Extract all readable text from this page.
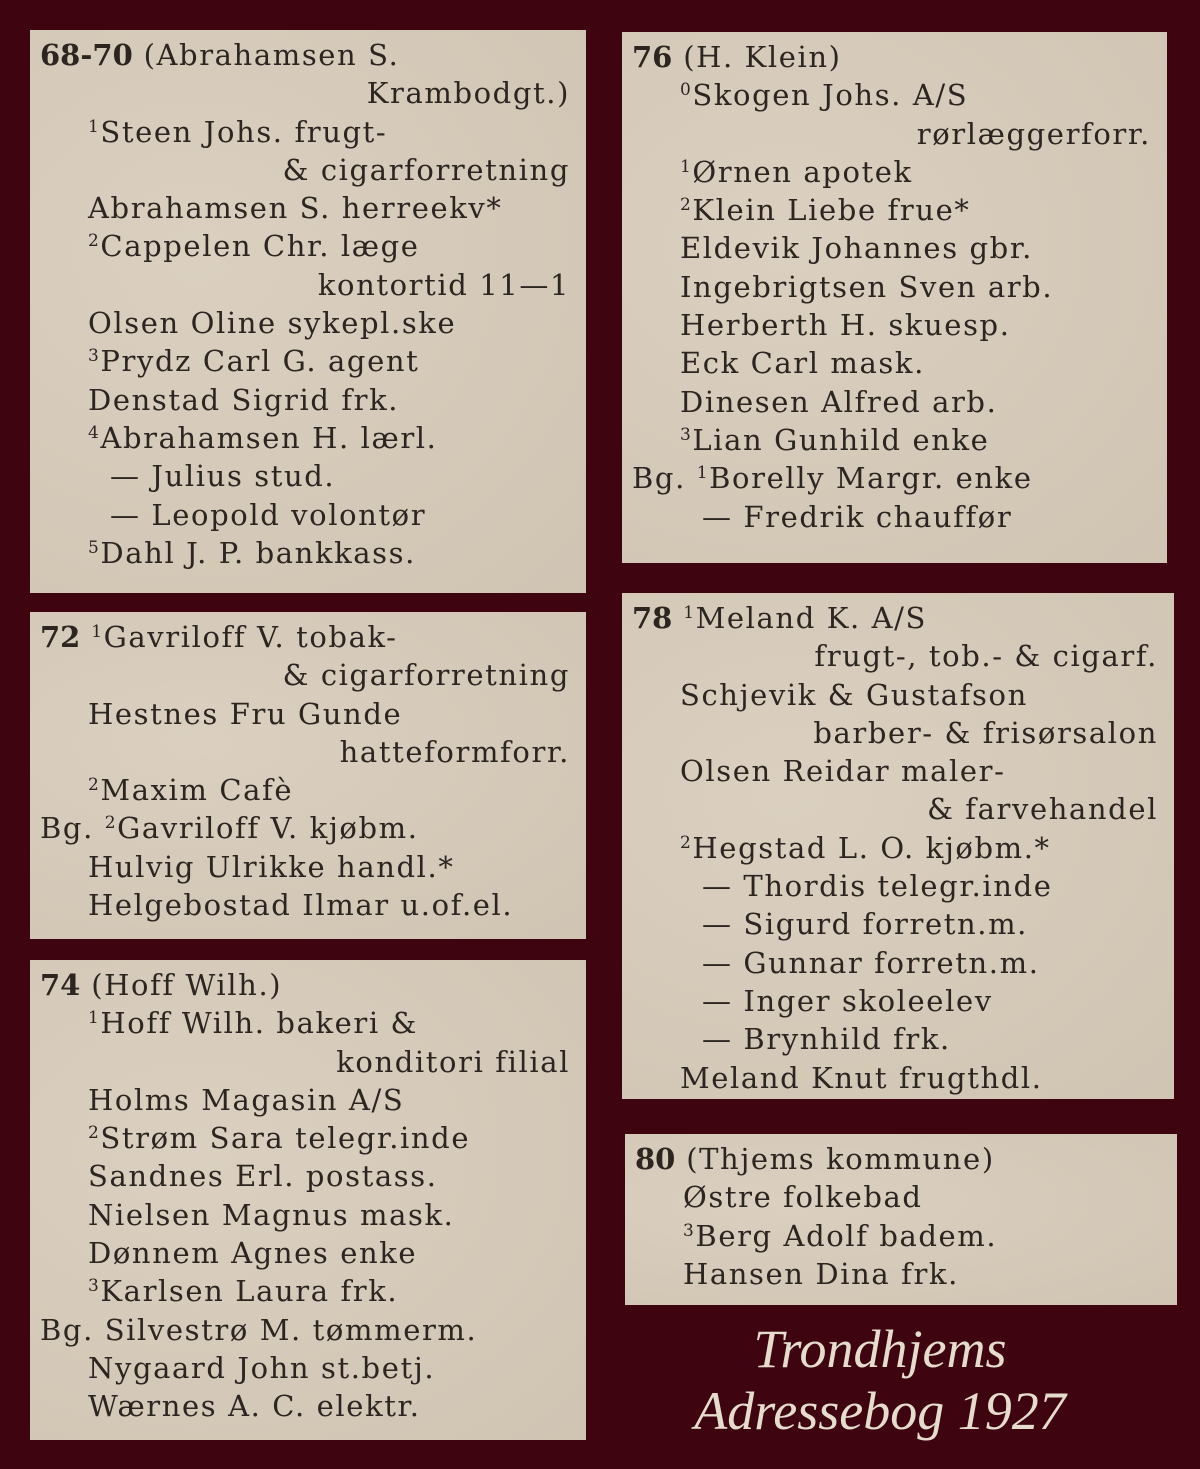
68-70 (Abrahamsen S.
Krambodgt.)
$^1$Steen Johs. frugt-
& cigarforretning
Abrahamsen S. herreekv*
$^2$Cappelen Chr. læge
kontortid 11—1
Olsen Oline sykepl.ske
$^3$Prydz Carl G. agent
Denstad Sigrid frk.
$^4$Abrahamsen H. lærl.
— Julius stud.
— Leopold volontør
$^5$Dahl J. P. bankkass.
72 $^1$Gavriloff V. tobak-
& cigarforretning
Hestnes Fru Gunde
hatteformforr.
$^2$Maxim Cafè
Bg. $^2$Gavriloff V. kjøbm.
Hulvig Ulrikke handl.*
Helgebostad Ilmar u.of.el.
74 (Hoff Wilh.)
$^1$Hoff Wilh. bakeri &
konditori filial
Holms Magasin A/S
$^2$Strøm Sara telegr.inde
Sandnes Erl. postass.
Nielsen Magnus mask.
Dønnem Agnes enke
$^3$Karlsen Laura frk.
Bg. Silvestrø M. tømmerm.
Nygaard John st.betj.
Wærnes A. C. elektr.
76 (H. Klein)
$^0$Skogen Johs. A/S
rørlæggerforr.
$^1$Ørnen apotek
$^2$Klein Liebe frue*
Eldevik Johannes gbr.
Ingebrigtsen Sven arb.
Herberth H. skuesp.
Eck Carl mask.
Dinesen Alfred arb.
$^3$Lian Gunhild enke
Bg. $^1$Borelly Margr. enke
— Fredrik chauffør
78 $^1$Meland K. A/S
frugt-, tob.- & cigarf.
Schjevik & Gustafson
barber- & frisørsalon
Olsen Reidar maler-
& farvehandel
$^2$Hegstad L. O. kjøbm.*
— Thordis telegr.inde
— Sigurd forretn.m.
— Gunnar forretn.m.
— Inger skoleelev
— Brynhild frk.
Meland Knut frugthdl.
80 (Thjems kommune)
Østre folkebad
$^3$Berg Adolf badem.
Hansen Dina frk.
Trondhjems
Adressebog 1927
